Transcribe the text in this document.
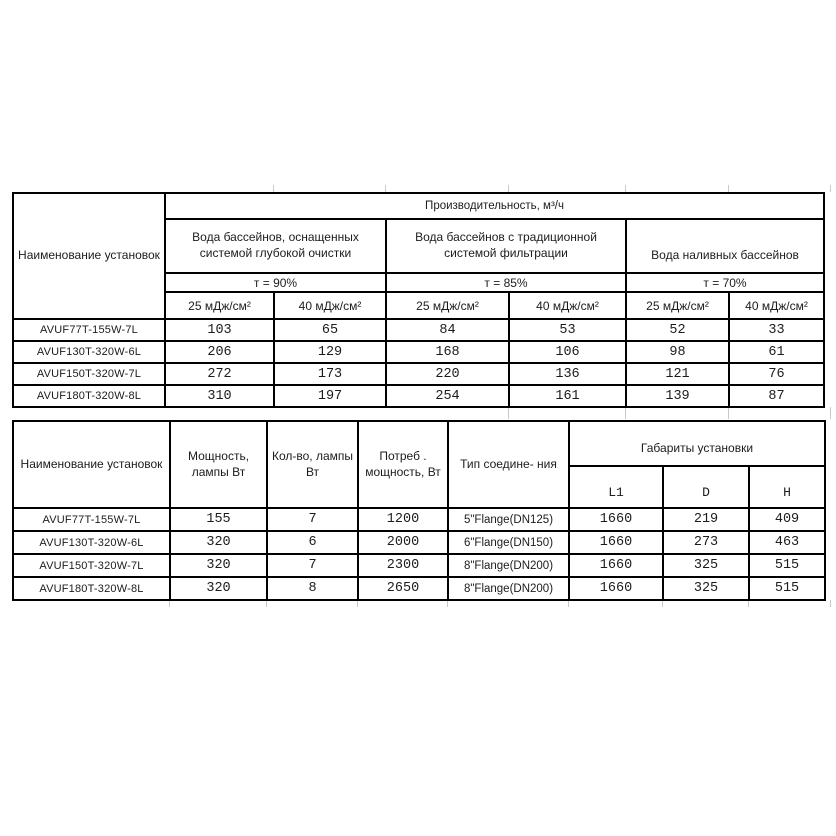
Наименование установок	Производительность, м³/ч					
	Вода бассейнов, оснащенных системой глубокой очистки		Вода бассейнов с традиционной системой фильтрации		Вода наливных бассейнов	
	т = 90%		т = 85%		т = 70%	
	25 мДж/см²	40 мДж/см²	25 мДж/см²	40 мДж/см²	25 мДж/см²	40 мДж/см²
AVUF77T-155W-7L	103	65	84	53	52	33
AVUF130T-320W-6L	206	129	168	106	98	61
AVUF150T-320W-7L	272	173	220	136	121	76
AVUF180T-320W-8L	310	197	254	161	139	87
Наименование установок	Мощность, лампы Вт	Кол-во, лампы Вт	Потреб . мощность, Вт	Тип соедине- ния	Габариты установки		
					L1	D	H
AVUF77T-155W-7L	155	7	1200	5"Flange(DN125)	1660	219	409
AVUF130T-320W-6L	320	6	2000	6"Flange(DN150)	1660	273	463
AVUF150T-320W-7L	320	7	2300	8"Flange(DN200)	1660	325	515
AVUF180T-320W-8L	320	8	2650	8"Flange(DN200)	1660	325	515
